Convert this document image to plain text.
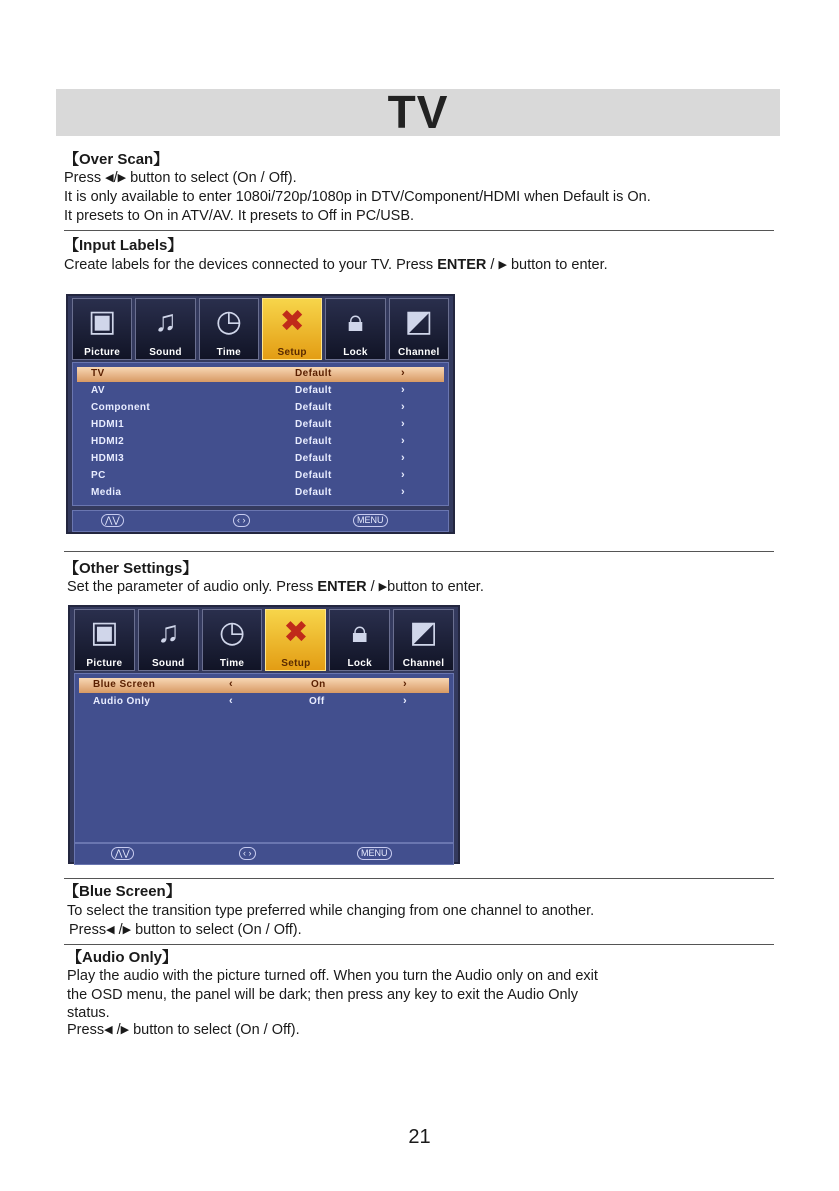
TV
【Over Scan】
Press ◀/▶ button to select (On / Off).
It is only available to enter 1080i/720p/1080p in DTV/Component/HDMI when Default is On.
It presets to On in ATV/AV. It presets to Off in PC/USB.
【Input Labels】
Create labels for the devices connected to your TV. Press ENTER / ▶ button to enter.
▣
Picture
♫
Sound
◷
Time
✖
Setup
🔒︎
Lock
◩
Channel
TV	Default	›
AV	Default	›
Component	Default	›
HDMI1	Default	›
HDMI2	Default	›
HDMI3	Default	›
PC	Default	›
Media	Default	›
⋀⋁	‹ ›	MENU
【Other Settings】
Set the parameter of audio only. Press ENTER / ▶button to enter.
▣
Picture
♫
Sound
◷
Time
✖
Setup
🔒︎
Lock
◩
Channel
Blue Screen	‹	On	›
Audio Only	‹	Off	›
⋀⋁	‹ ›	MENU
【Blue Screen】
To select the transition type preferred while changing from one channel to another.
Press◀ /▶ button to select (On / Off).
【Audio Only】
Play the audio with the picture turned off. When you turn the Audio only on and exit
the OSD menu, the panel will be dark; then press any key to exit the Audio Only
status.
Press◀ /▶ button to select (On / Off).
21
